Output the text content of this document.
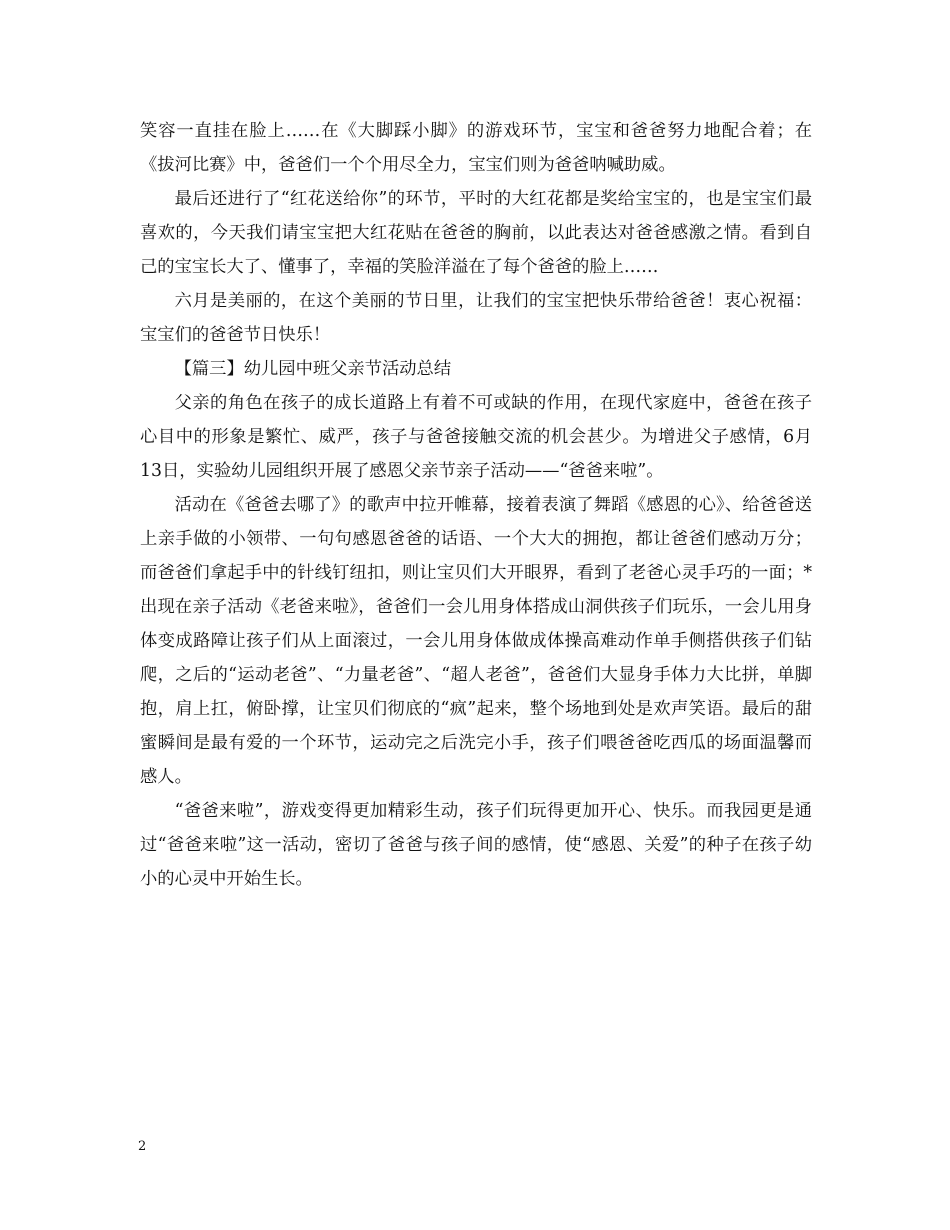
笑容一直挂在脸上……在《大脚踩小脚》的游戏环节，宝宝和爸爸努力地配合着；在《拔河比赛》中，爸爸们一个个用尽全力，宝宝们则为爸爸呐喊助威。

最后还进行了“红花送给你”的环节，平时的大红花都是奖给宝宝的，也是宝宝们最喜欢的，今天我们请宝宝把大红花贴在爸爸的胸前，以此表达对爸爸感激之情。看到自己的宝宝长大了、懂事了，幸福的笑脸洋溢在了每个爸爸的脸上……

六月是美丽的，在这个美丽的节日里，让我们的宝宝把快乐带给爸爸！衷心祝福：宝宝们的爸爸节日快乐！

【篇三】幼儿园中班父亲节活动总结

父亲的角色在孩子的成长道路上有着不可或缺的作用，在现代家庭中，爸爸在孩子心目中的形象是繁忙、威严，孩子与爸爸接触交流的机会甚少。为增进父子感情，6月13日，实验幼儿园组织开展了感恩父亲节亲子活动——“爸爸来啦”。

活动在《爸爸去哪了》的歌声中拉开帷幕，接着表演了舞蹈《感恩的心》、给爸爸送上亲手做的小领带、一句句感恩爸爸的话语、一个大大的拥抱，都让爸爸们感动万分；而爸爸们拿起手中的针线钉纽扣，则让宝贝们大开眼界，看到了老爸心灵手巧的一面；*出现在亲子活动《老爸来啦》，爸爸们一会儿用身体搭成山洞供孩子们玩乐，一会儿用身体变成路障让孩子们从上面滚过，一会儿用身体做成体操高难动作单手侧搭供孩子们钻爬，之后的“运动老爸”、“力量老爸”、“超人老爸”，爸爸们大显身手体力大比拼，单脚抱，肩上扛，俯卧撑，让宝贝们彻底的“疯”起来，整个场地到处是欢声笑语。最后的甜蜜瞬间是最有爱的一个环节，运动完之后洗完小手，孩子们喂爸爸吃西瓜的场面温馨而感人。

“爸爸来啦”，游戏变得更加精彩生动，孩子们玩得更加开心、快乐。而我园更是通过“爸爸来啦”这一活动，密切了爸爸与孩子间的感情，使“感恩、关爱”的种子在孩子幼小的心灵中开始生长。

2
